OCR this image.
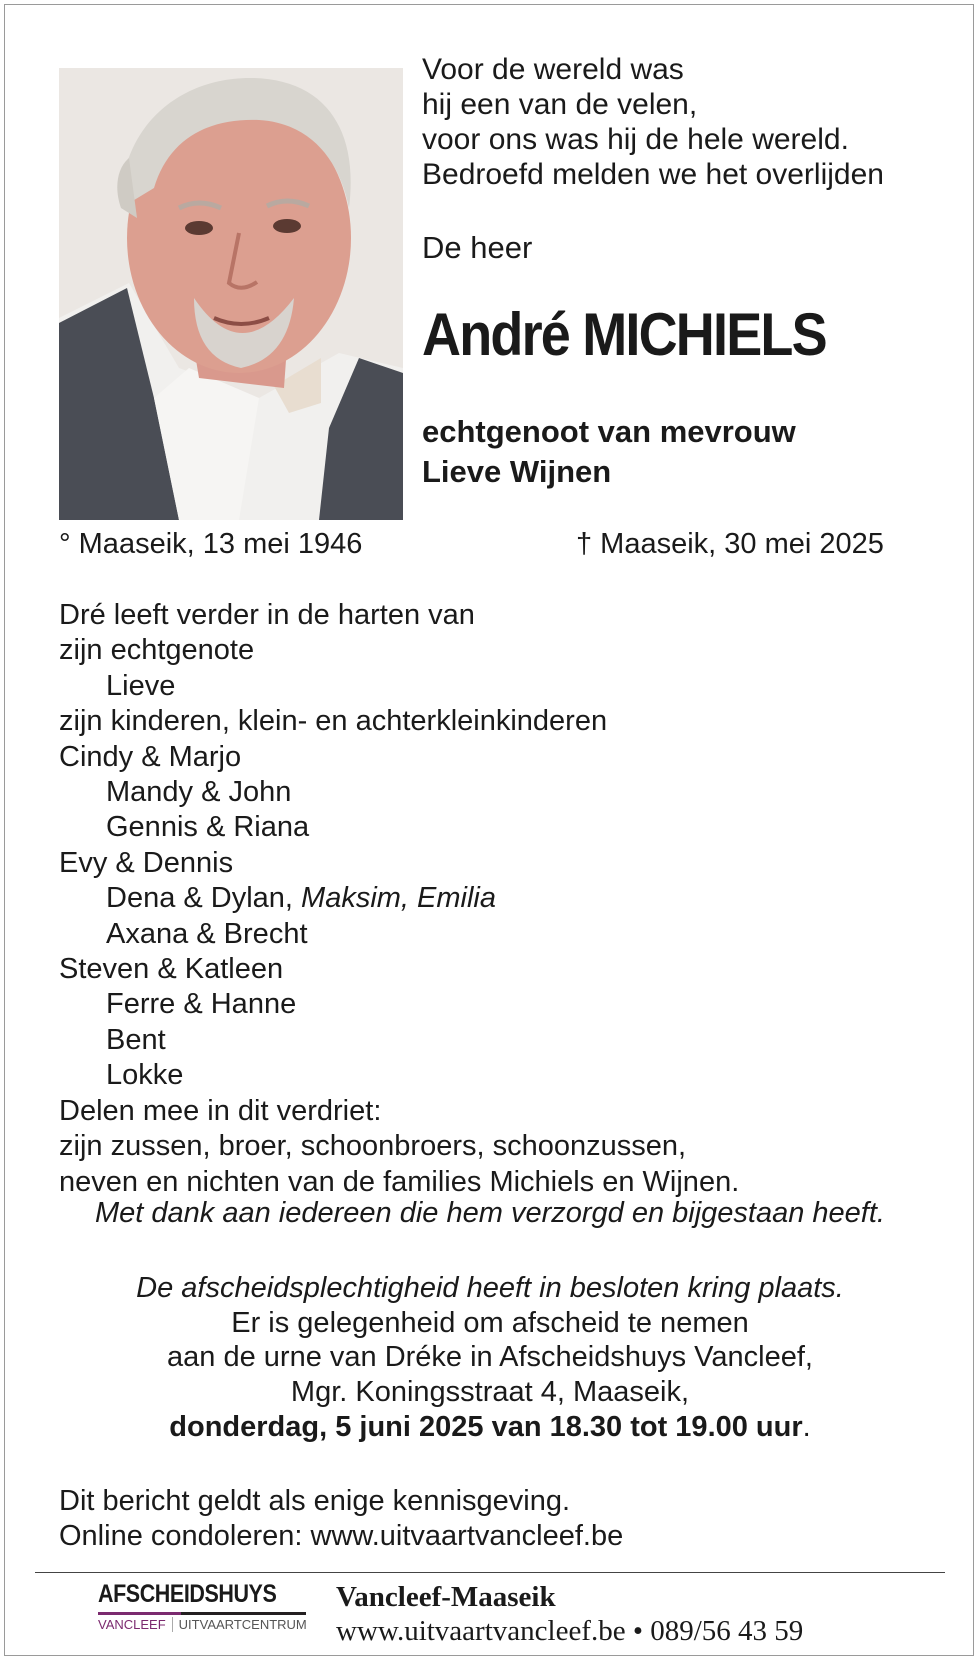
Voor de wereld was
hij een van de velen,
voor ons was hij de hele wereld.
Bedroefd melden we het overlijden
De heer
André MICHIELS
echtgenoot van mevrouw
Lieve Wijnen
° Maaseik, 13 mei 1946	† Maaseik, 30 mei 2025
Dré leeft verder in de harten van
zijn echtgenote
Lieve
zijn kinderen, klein- en achterkleinkinderen
Cindy & Marjo
Mandy & John
Gennis & Riana
Evy & Dennis
Dena & Dylan, Maksim, Emilia
Axana & Brecht
Steven & Katleen
Ferre & Hanne
Bent
Lokke
Delen mee in dit verdriet:
zijn zussen, broer, schoonbroers, schoonzussen,
neven en nichten van de families Michiels en Wijnen.
Met dank aan iedereen die hem verzorgd en bijgestaan heeft.
De afscheidsplechtigheid heeft in besloten kring plaats.
Er is gelegenheid om afscheid te nemen
aan de urne van Dréke in Afscheidshuys Vancleef,
Mgr. Koningsstraat 4, Maaseik,
donderdag, 5 juni 2025 van 18.30 tot 19.00 uur.
Dit bericht geldt als enige kennisgeving.
Online condoleren: www.uitvaartvancleef.be
AFSCHEIDSHUYS
VANCLEEF	UITVAARTCENTRUM
Vancleef-Maaseik
www.uitvaartvancleef.be • 089/56 43 59
